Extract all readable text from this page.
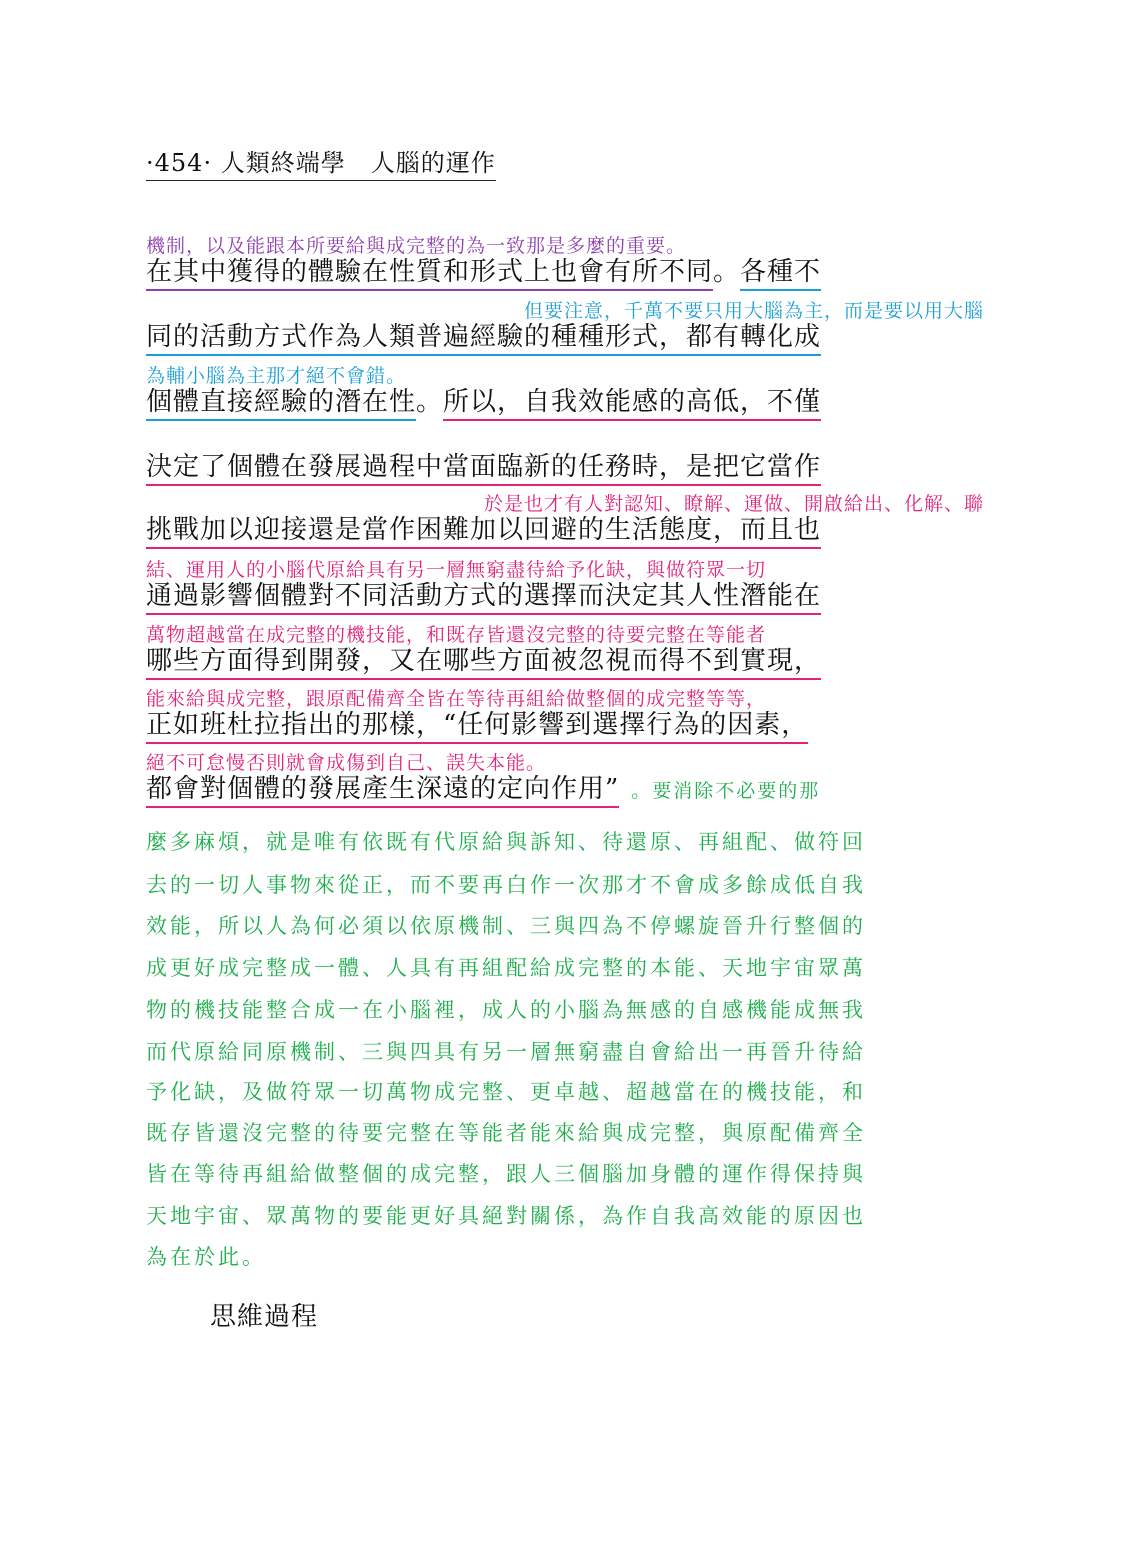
·454· 人類終端學　人腦的運作
機制，以及能跟本所要給與成完整的為一致那是多麼的重要。
在其中獲得的體驗在性質和形式上也會有所不同。各種不
但要注意，千萬不要只用大腦為主，而是要以用大腦
同的活動方式作為人類普遍經驗的種種形式，都有轉化成
為輔小腦為主那才絕不會錯。
個體直接經驗的潛在性。所以，自我效能感的高低，不僅
決定了個體在發展過程中當面臨新的任務時，是把它當作
於是也才有人對認知、瞭解、運做、開啟給出、化解、聯
挑戰加以迎接還是當作困難加以回避的生活態度，而且也
結、運用人的小腦代原給具有另一層無窮盡待給予化缺，與做符眾一切
通過影響個體對不同活動方式的選擇而決定其人性潛能在
萬物超越當在成完整的機技能，和既存皆還沒完整的待要完整在等能者
哪些方面得到開發，又在哪些方面被忽視而得不到實現，
能來給與成完整，跟原配備齊全皆在等待再組給做整個的成完整等等，
正如班杜拉指出的那樣，“任何影響到選擇行為的因素，
絕不可怠慢否則就會成傷到自己、誤失本能。
都會對個體的發展產生深遠的定向作用” 。要消除不必要的那
麼多麻煩，就是唯有依既有代原給與訴知、待還原、再組配、做符回
去的一切人事物來從正，而不要再白作一次那才不會成多餘成低自我
效能，所以人為何必須以依原機制、三與四為不停螺旋晉升行整個的
成更好成完整成一體、人具有再組配給成完整的本能、天地宇宙眾萬
物的機技能整合成一在小腦裡，成人的小腦為無感的自感機能成無我
而代原給同原機制、三與四具有另一層無窮盡自會給出一再晉升待給
予化缺，及做符眾一切萬物成完整、更卓越、超越當在的機技能，和
既存皆還沒完整的待要完整在等能者能來給與成完整，與原配備齊全
皆在等待再組給做整個的成完整，跟人三個腦加身體的運作得保持與
天地宇宙、眾萬物的要能更好具絕對關係，為作自我高效能的原因也
為在於此。
思維過程
